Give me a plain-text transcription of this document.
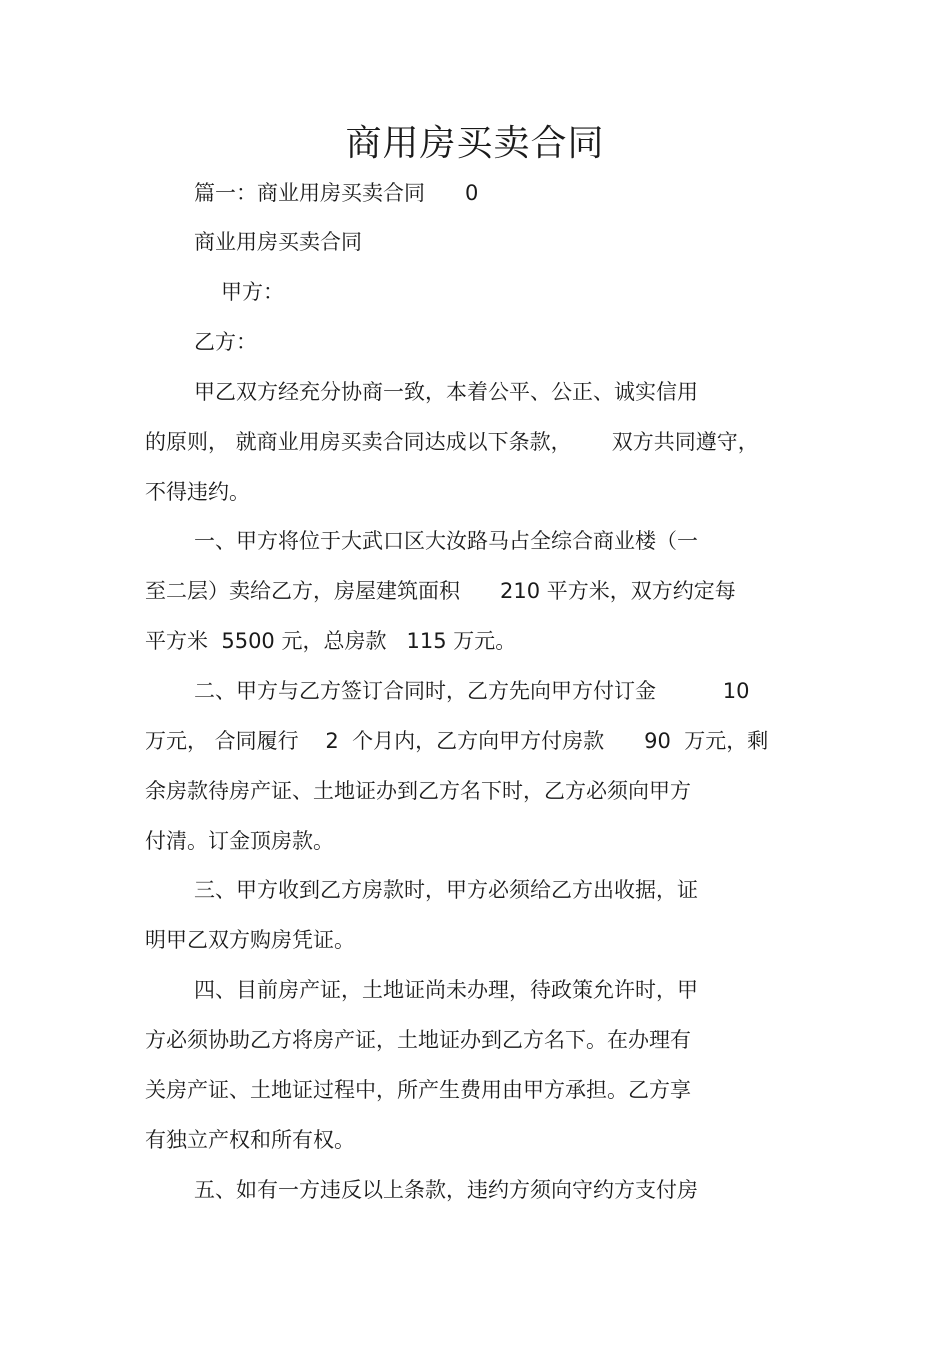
商用房买卖合同
篇一：商业用房买卖合同      0
商业用房买卖合同
甲方：
乙方：
甲乙双方经充分协商一致，本着公平、公正、诚实信用
的原则， 就商业用房买卖合同达成以下条款，      双方共同遵守，
不得违约。
一、甲方将位于大武口区大汝路马占全综合商业楼（一
至二层）卖给乙方，房屋建筑面积      210 平方米，双方约定每
平方米  5500 元，总房款   115 万元。
二、甲方与乙方签订合同时，乙方先向甲方付订金          10
万元， 合同履行    2  个月内，乙方向甲方付房款      90  万元，剩
余房款待房产证、土地证办到乙方名下时，乙方必须向甲方
付清。订金顶房款。
三、甲方收到乙方房款时，甲方必须给乙方出收据，证
明甲乙双方购房凭证。
四、目前房产证，土地证尚未办理，待政策允许时，甲
方必须协助乙方将房产证，土地证办到乙方名下。在办理有
关房产证、土地证过程中，所产生费用由甲方承担。乙方享
有独立产权和所有权。
五、如有一方违反以上条款，违约方须向守约方支付房
